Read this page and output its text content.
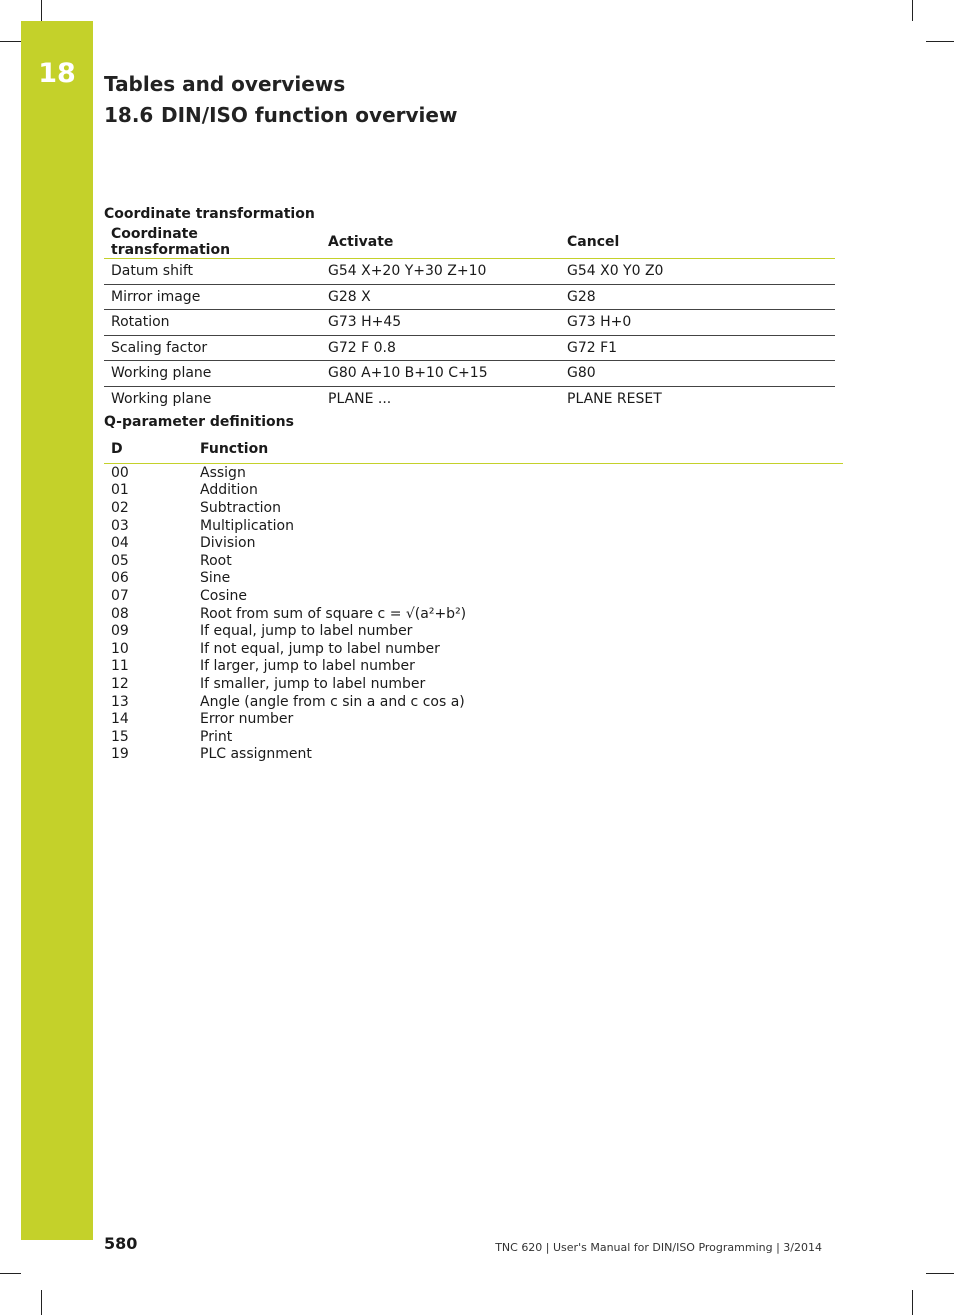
18	Tables and overviews
18.6 DIN/ISO function overview
Coordinate transformation
Coordinate transformation	Activate	Cancel
Datum shift	G54 X+20 Y+30 Z+10	G54 X0 Y0 Z0
Mirror image	G28 X	G28
Rotation	G73 H+45	G73 H+0
Scaling factor	G72 F 0.8	G72 F1
Working plane	G80 A+10 B+10 C+15	G80
Working plane	PLANE ...	PLANE RESET
Q-parameter definitions
D	Function
00	Assign
01	Addition
02	Subtraction
03	Multiplication
04	Division
05	Root
06	Sine
07	Cosine
08	Root from sum of square c = √(a²+b²)
09	If equal, jump to label number
10	If not equal, jump to label number
11	If larger, jump to label number
12	If smaller, jump to label number
13	Angle (angle from c sin a and c cos a)
14	Error number
15	Print
19	PLC assignment
580	TNC 620 | User's Manual for DIN/ISO Programming | 3/2014
